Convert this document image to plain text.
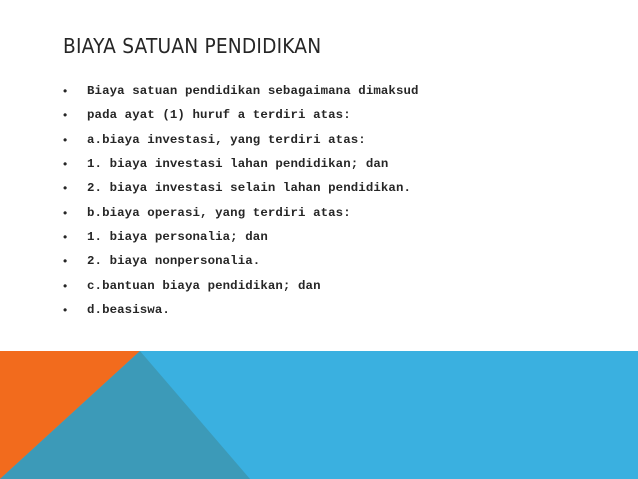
BIAYA SATUAN PENDIDIKAN
•	Biaya satuan pendidikan sebagaimana dimaksud
•	pada ayat (1) huruf a terdiri atas:
•	a.biaya investasi, yang terdiri atas:
•	1. biaya investasi lahan pendidikan; dan
•	2. biaya investasi selain lahan pendidikan.
•	b.biaya operasi, yang terdiri atas:
•	1. biaya personalia; dan
•	2. biaya nonpersonalia.
•	c.bantuan biaya pendidikan; dan
•	d.beasiswa.
